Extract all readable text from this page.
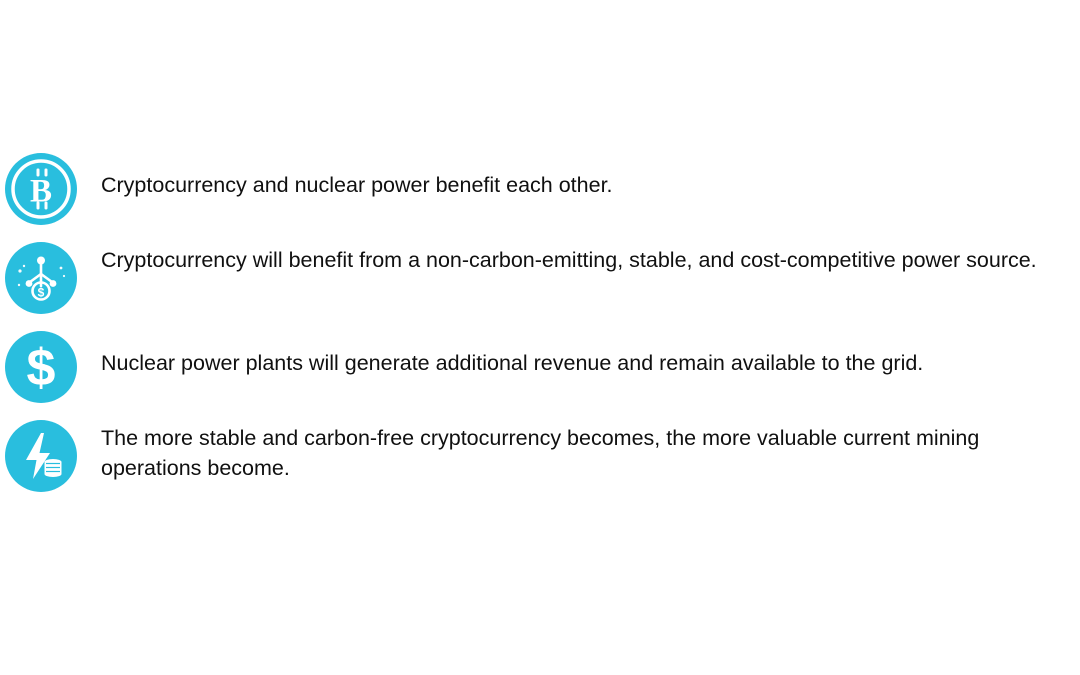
B	Cryptocurrency and nuclear power benefit each other.
$
Cryptocurrency will benefit from a non-carbon-emitting, stable, and cost-competitive power source.
$	Nuclear power plants will generate additional revenue and remain available to the grid.
The more stable and carbon-free cryptocurrency becomes, the more valuable current mining operations become.
